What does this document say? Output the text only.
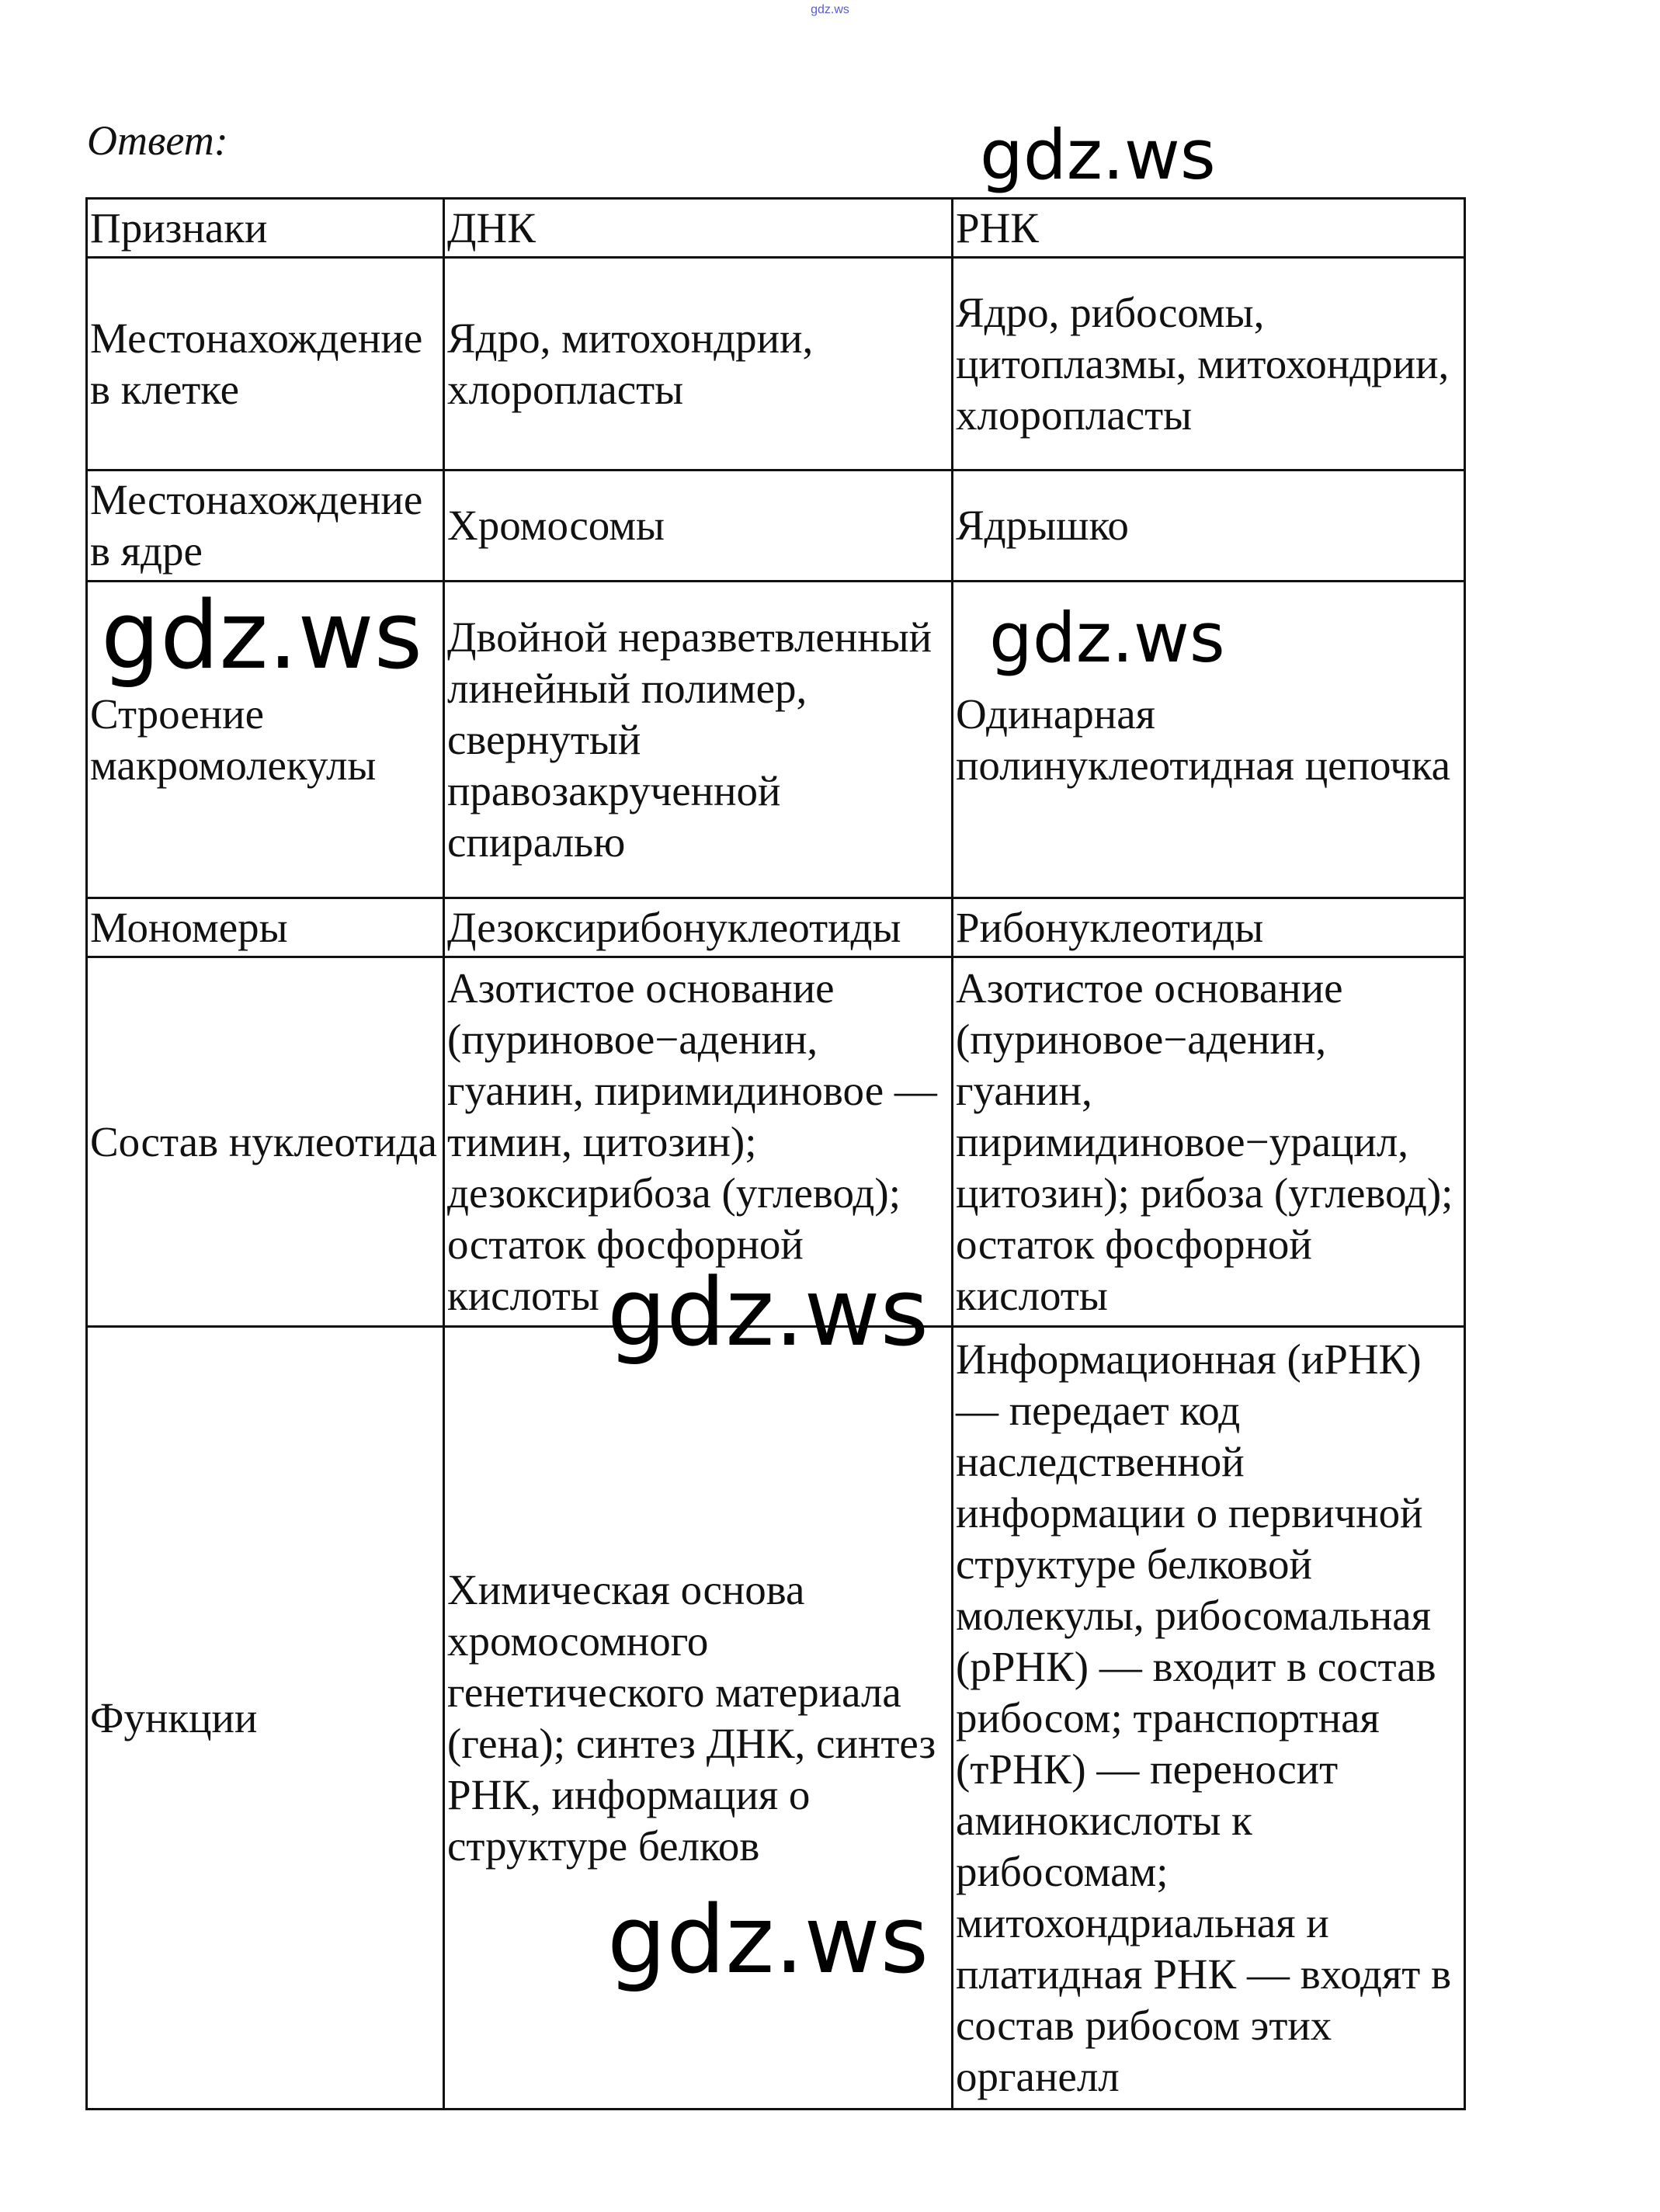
gdz.ws
Ответ:
Признаки	ДНК	РНК
Местонахождение в клетке	Ядро, митохондрии, хлоропласты	Ядро, рибосомы, цитоплазмы, митохондрии, хлоропласты
Местонахождение в ядре	Хромосомы	Ядрышко
Строение макромолекулы	Двойной неразветвленный линейный полимер, свернутый правозакрученной спиралью	Одинарная полинуклеотидная цепочка
Мономеры	Дезоксирибонуклеотиды	Рибонуклеотиды
Состав нуклеотида	Азотистое основание (пуриновое−аденин, гуанин, пиримидиновое — тимин, цитозин); дезоксирибоза (углевод); остаток фосфорной кислоты	Азотистое основание (пуриновое−аденин, гуанин, пиримидиновое−урацил, цитозин); рибоза (углевод); остаток фосфорной кислоты
Функции	Химическая основа хромосомного генетического материала (гена); синтез ДНК, синтез РНК, информация о структуре белков	Информационная (иРНК) — передает код наследственной информации о первичной структуре белковой молекулы, рибосомальная (рРНК) — входит в состав рибосом; транспортная (тРНК) — переносит аминокислоты к рибосомам; митохондриальная и платидная РНК — входят в состав рибосом этих органелл
gdz.ws
gdz.ws	gdz.ws
gdz.ws
gdz.ws
